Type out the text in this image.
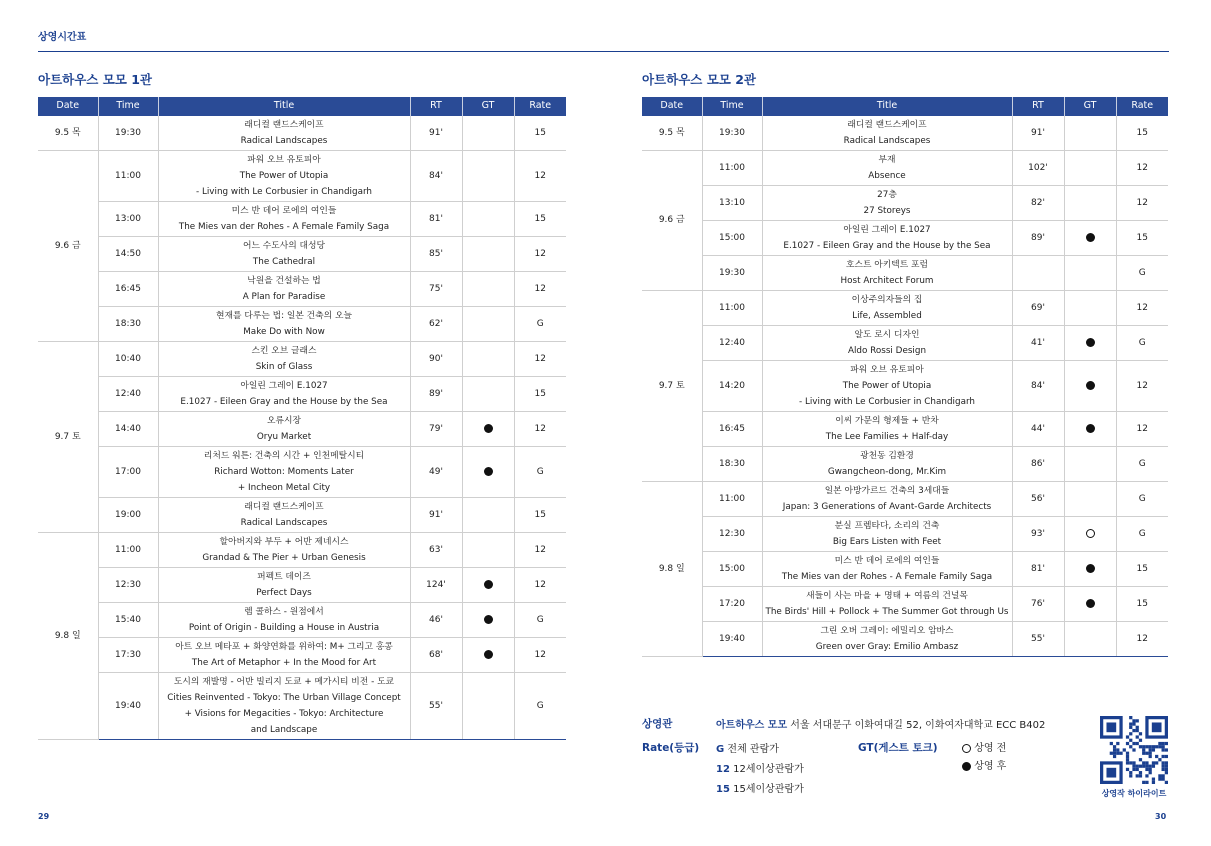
상영시간표
아트하우스 모모 1관
Date	Time	Title	RT	GT	Rate
9.5 목	19:30	래디컬 랜드스케이프
Radical Landscapes	91'		15
9.6 금	11:00	파워 오브 유토피아
The Power of Utopia
- Living with Le Corbusier in Chandigarh	84'		12
	13:00	미스 반 데어 로에의 여인들
The Mies van der Rohes - A Female Family Saga	81'		15
	14:50	어느 수도사의 대성당
The Cathedral	85'		12
	16:45	낙원을 건설하는 법
A Plan for Paradise	75'		12
	18:30	현재를 다루는 법: 일본 건축의 오늘
Make Do with Now	62'		G
9.7 토	10:40	스킨 오브 글래스
Skin of Glass	90'		12
	12:40	아일린 그레이 E.1027
E.1027 - Eileen Gray and the House by the Sea	89'		15
	14:40	오류시장
Oryu Market	79'		12
	17:00	리처드 워튼: 건축의 시간 + 인천메탈시티
Richard Wotton: Moments Later
+ Incheon Metal City	49'		G
	19:00	래디컬 랜드스케이프
Radical Landscapes	91'		15
9.8 일	11:00	할아버지와 부두 + 어반 제네시스
Grandad & The Pier + Urban Genesis	63'		12
	12:30	퍼펙트 데이즈
Perfect Days	124'		12
	15:40	렘 콜하스 - 원점에서
Point of Origin - Building a House in Austria	46'		G
	17:30	아트 오브 메타포 + 화양연화를 위하여: M+ 그리고 홍콩
The Art of Metaphor + In the Mood for Art	68'		12
	19:40	도시의 재발명 - 어반 빌리지 도쿄 + 메가시티 비전 - 도쿄
Cities Reinvented - Tokyo: The Urban Village Concept
+ Visions for Megacities - Tokyo: Architecture
and Landscape	55'		G
아트하우스 모모 2관
Date	Time	Title	RT	GT	Rate
9.5 목	19:30	래디컬 랜드스케이프
Radical Landscapes	91'		15
9.6 금	11:00	부재
Absence	102'		12
	13:10	27층
27 Storeys	82'		12
	15:00	아일린 그레이 E.1027
E.1027 - Eileen Gray and the House by the Sea	89'		15
	19:30	호스트 아키텍트 포럼
Host Architect Forum			G
9.7 토	11:00	이상주의자들의 집
Life, Assembled	69'		12
	12:40	알도 로시 디자인
Aldo Rossi Design	41'		G
	14:20	파워 오브 유토피아
The Power of Utopia
- Living with Le Corbusier in Chandigarh	84'		12
	16:45	이씨 가문의 형제들 + 반차
The Lee Families + Half-day	44'		12
	18:30	광천동 김환경
Gwangcheon-dong, Mr.Kim	86'		G
9.8 일	11:00	일본 아방가르드 건축의 3세대들
Japan: 3 Generations of Avant-Garde Architects	56'		G
	12:30	분실 프렘타다, 소리의 건축
Big Ears Listen with Feet	93'		G
	15:00	미스 반 데어 로에의 여인들
The Mies van der Rohes - A Female Family Saga	81'		15
	17:20	새들이 사는 마을 + 명태 + 여름의 건널목
The Birds' Hill + Pollock + The Summer Got through Us	76'		15
	19:40	그린 오버 그레이: 에밀리오 암바스
Green over Gray: Emilio Ambasz	55'		12
상영관	아트하우스 모모 서울 서대문구 이화여대길 52, 이화여자대학교 ECC B402
Rate(등급) G 전체 관람가
12 12세이상관람가
15 15세이상관람가
GT(게스트 토크)	상영 전
상영 후
상영작 하이라이트
29	30
